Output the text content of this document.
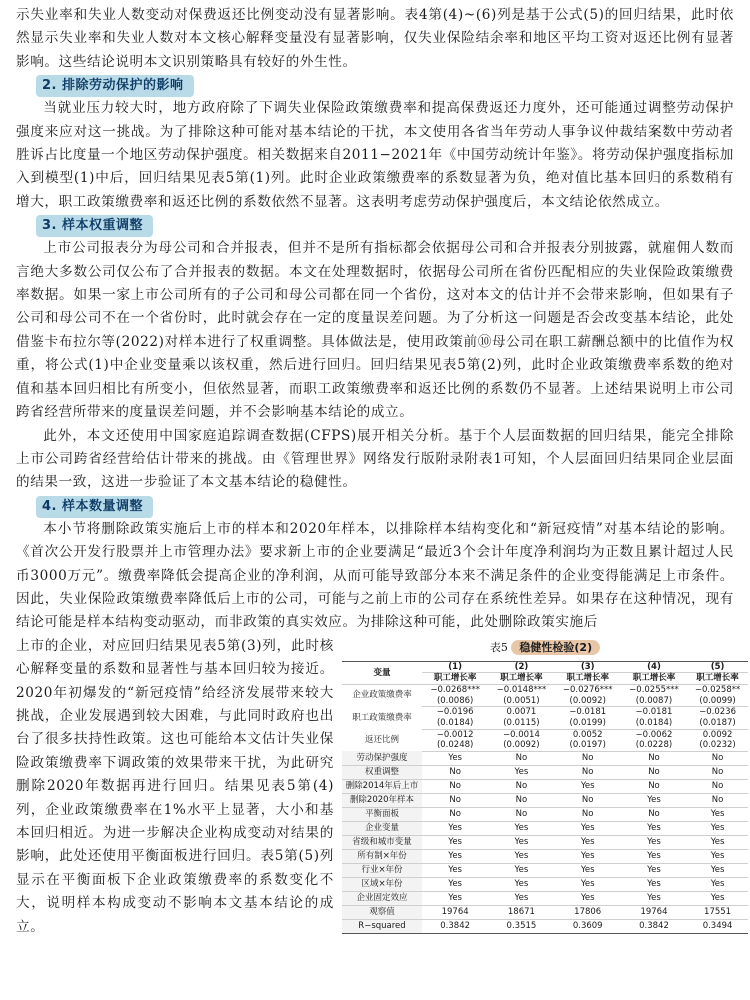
示失业率和失业人数变动对保费返还比例变动没有显著影响。表4第(4)~(6)列是基于公式(5)的回归结果，此时依然显示失业率和失业人数对本文核心解释变量没有显著影响，仅失业保险结余率和地区平均工资对返还比例有显著影响。这些结论说明本文识别策略具有较好的外生性。

2. 排除劳动保护的影响

当就业压力较大时，地方政府除了下调失业保险政策缴费率和提高保费返还力度外，还可能通过调整劳动保护强度来应对这一挑战。为了排除这种可能对基本结论的干扰，本文使用各省当年劳动人事争议仲裁结案数中劳动者胜诉占比度量一个地区劳动保护强度。相关数据来自2011−2021年《中国劳动统计年鉴》。将劳动保护强度指标加入到模型(1)中后，回归结果见表5第(1)列。此时企业政策缴费率的系数显著为负，绝对值比基本回归的系数稍有增大，职工政策缴费率和返还比例的系数依然不显著。这表明考虑劳动保护强度后，本文结论依然成立。

3. 样本权重调整

上市公司报表分为母公司和合并报表，但并不是所有指标都会依据母公司和合并报表分别披露，就雇佣人数而言绝大多数公司仅公布了合并报表的数据。本文在处理数据时，依据母公司所在省份匹配相应的失业保险政策缴费率数据。如果一家上市公司所有的子公司和母公司都在同一个省份，这对本文的估计并不会带来影响，但如果有子公司和母公司不在一个省份时，此时就会存在一定的度量误差问题。为了分析这一问题是否会改变基本结论，此处借鉴卡布拉尔等(2022)对样本进行了权重调整。具体做法是，使用政策前⑩母公司在职工薪酬总额中的比值作为权重，将公式(1)中企业变量乘以该权重，然后进行回归。回归结果见表5第(2)列，此时企业政策缴费率系数的绝对值和基本回归相比有所变小，但依然显著，而职工政策缴费率和返还比例的系数仍不显著。上述结果说明上市公司跨省经营所带来的度量误差问题，并不会影响基本结论的成立。

此外，本文还使用中国家庭追踪调查数据(CFPS)展开相关分析。基于个人层面数据的回归结果，能完全排除上市公司跨省经营给估计带来的挑战。由《管理世界》网络发行版附录附表1可知，个人层面回归结果同企业层面的结果一致，这进一步验证了本文基本结论的稳健性。

4. 样本数量调整

本小节将删除政策实施后上市的样本和2020年样本，以排除样本结构变化和“新冠疫情”对基本结论的影响。《首次公开发行股票并上市管理办法》要求新上市的企业要满足“最近3个会计年度净利润均为正数且累计超过人民币3000万元”。缴费率降低会提高企业的净利润，从而可能导致部分本来不满足条件的企业变得能满足上市条件。因此，失业保险政策缴费率降低后上市的公司，可能与之前上市的公司存在系统性差异。如果存在这种情况，现有结论可能是样本结构变动驱动，而非政策的真实效应。为排除这种可能，此处删除政策实施后

上市的企业，对应回归结果见表5第(3)列，此时核心解释变量的系数和显著性与基本回归较为接近。2020年初爆发的“新冠疫情”给经济发展带来较大挑战，企业发展遇到较大困难，与此同时政府也出台了很多扶持性政策。这也可能给本文估计失业保险政策缴费率下调政策的效果带来干扰，为此研究删除2020年数据再进行回归。结果见表5第(4)列，企业政策缴费率在1%水平上显著，大小和基本回归相近。为进一步解决企业构成变动对结果的影响，此处还使用平衡面板进行回归。表5第(5)列显示在平衡面板下企业政策缴费率的系数变化不大，说明样本构成变动不影响本文基本结论的成立。

表5 稳健性检验(2)
变量	(1)	(2)	(3)	(4)	(5)
	职工增长率	职工增长率	职工增长率	职工增长率	职工增长率
企业政策缴费率	−0.0268***	−0.0148***	−0.0276***	−0.0255***	−0.0258**
	(0.0086)	(0.0051)	(0.0092)	(0.0087)	(0.0099)
职工政策缴费率	−0.0196	0.0071	−0.0181	−0.0181	−0.0236
	(0.0184)	(0.0115)	(0.0199)	(0.0184)	(0.0187)
返还比例	−0.0012	−0.0014	0.0052	−0.0062	0.0092
	(0.0248)	(0.0092)	(0.0197)	(0.0228)	(0.0232)
劳动保护强度	Yes	No	No	No	No
权重调整	No	Yes	No	No	No
删除2014年后上市	No	No	Yes	No	No
删除2020年样本	No	No	No	Yes	No
平衡面板	No	No	No	No	Yes
企业变量	Yes	Yes	Yes	Yes	Yes
省级和城市变量	Yes	Yes	Yes	Yes	Yes
所有制×年份	Yes	Yes	Yes	Yes	Yes
行业×年份	Yes	Yes	Yes	Yes	Yes
区域×年份	Yes	Yes	Yes	Yes	Yes
企业固定效应	Yes	Yes	Yes	Yes	Yes
观察值	19764	18671	17806	19764	17551
R−squared	0.3842	0.3515	0.3609	0.3842	0.3494
